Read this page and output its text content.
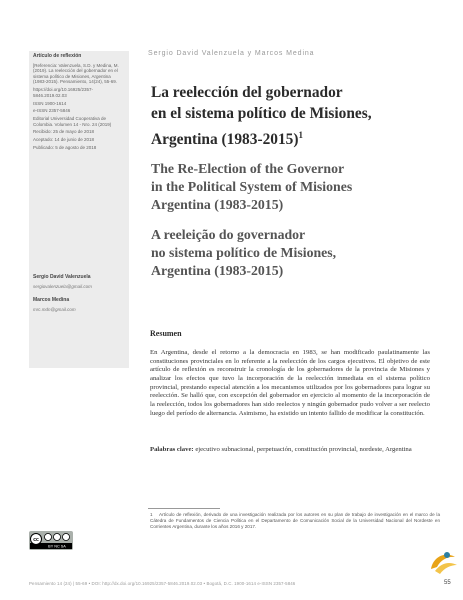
Artículo de reflexión

[Referencia: Valenzuela, S.D. y Medina, M. (2019). La reelección del gobernador en el sistema político de Misiones, Argentina (1983-2015). Pensamiento, 14(24), 55-69.

https://doi.org/10.16925/2357-5846.2019.02.03

ISSN 1900-1614

e-ISSN 2357-5846

Editorial Universidad Cooperativa de Colombia. Volumen 14 - Nro. 24 (2019)

Recibido: 25 de mayo de 2018

Aceptado: 14 de junio de 2018

Publicado: 5 de agosto de 2018

Sergio David Valenzuela

sergiovalenzuela@gmail.com

Marcos Medina

mrc.mdn@gmail.com

cc
BY NC SA
Sergio David Valenzuela y Marcos Medina
La reelección del gobernador
en el sistema político de Misiones,
Argentina (1983-2015)$^1$
The Re-Election of the Governor
in the Political System of Misiones
Argentina (1983-2015)
A reeleição do governador
no sistema político de Misiones,
Argentina (1983-2015)
Resumen

En Argentina, desde el retorno a la democracia en 1983, se han modificado paulatinamente las constituciones provinciales en lo referente a la reelección de los cargos ejecutivos. El objetivo de este artículo de reflexión es reconstruir la cronología de los gobernadores de la provincia de Misiones y analizar los efectos que tuvo la incorporación de la reelección inmediata en el sistema político provincial, prestando especial atención a los mecanismos utilizados por los gobernadores para lograr su reelección. Se halló que, con excepción del gobernador en ejercicio al momento de la incorporación de la reelección, todos los gobernadores han sido reelectos y ningún gobernador pudo volver a ser reelecto luego del período de alternancia. Asimismo, ha existido un intento fallido de modificar la constitución.

Palabras clave: ejecutivo subnacional, perpetuación, constitución provincial, nordeste, Argentina

1 Artículo de reflexión, derivado de una investigación realizada por los autores en su plan de trabajo de investigación en el marco de la Cátedra de Fundamentos de Ciencia Política en el Departamento de Comunicación Social de la Universidad Nacional del Nordeste en Corrientes Argentina, durante los años 2016 y 2017.

Pensamiento 14 (24) | 55-69 • DOI: http://dx.doi.org/10.16925/2357-5846.2019.02.03 • Bogotá, D.C. 1900-1614 e-ISSN 2357-5846	55
